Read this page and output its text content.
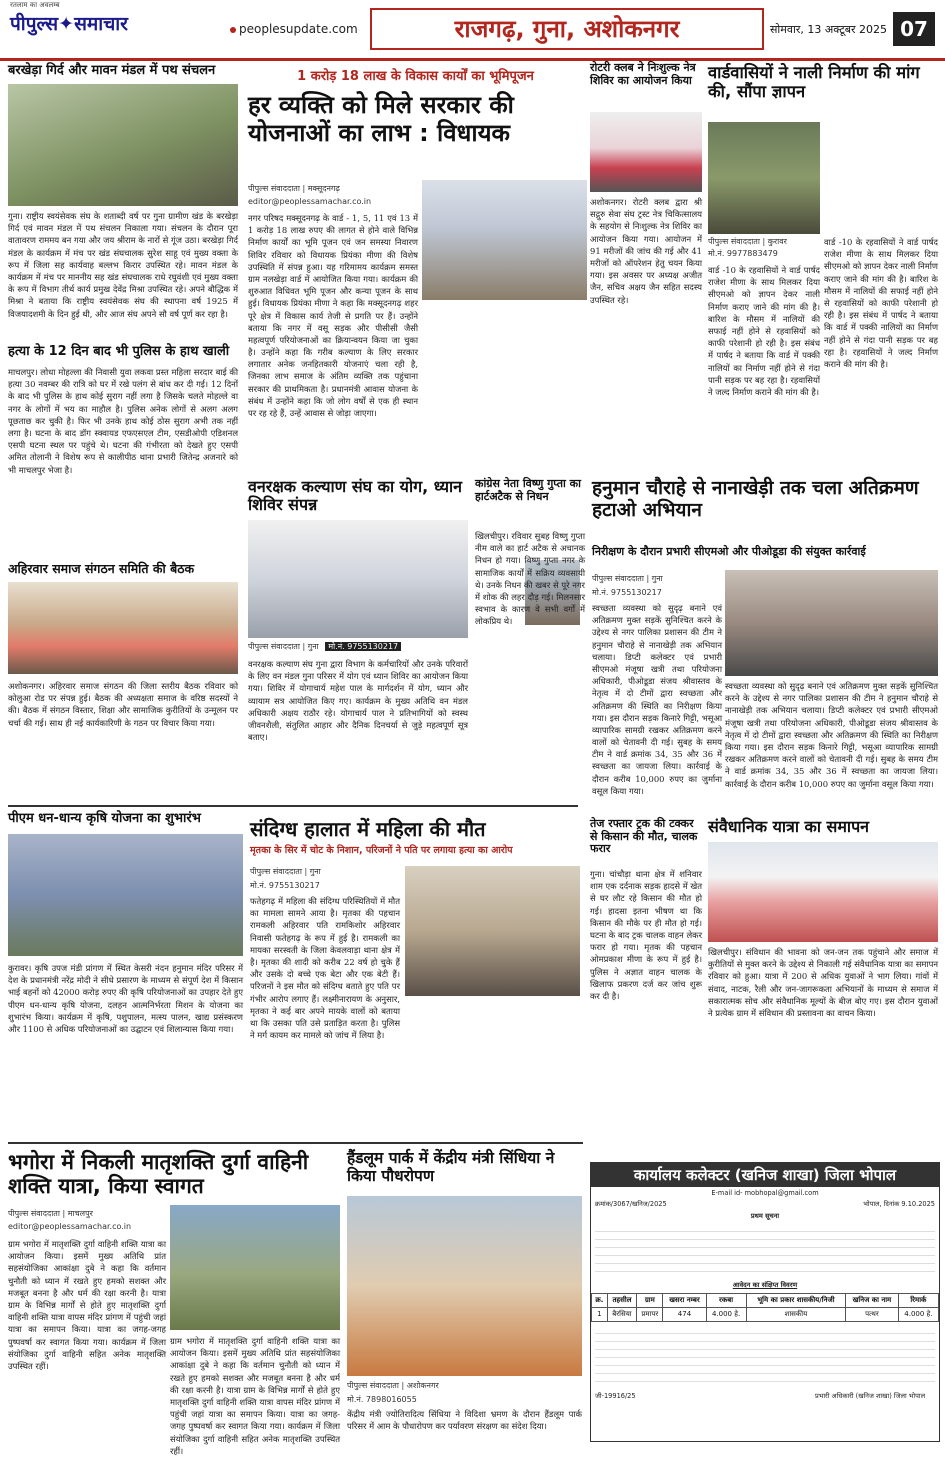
रतलाम का अवलम्ब
पीपुल्स✦समाचार	peoplesupdate.com	राजगढ़, गुना, अशोकनगर	सोमवार, 13 अक्टूबर 2025 07
बरखेड़ा गिर्द और मावन मंडल में पथ संचलन
गुना। राष्ट्रीय स्वयंसेवक संघ के शताब्दी वर्ष पर गुना ग्रामीण खंड के बरखेड़ा गिर्द एवं मावन मंडल में पथ संचलन निकाला गया। संचलन के दौरान पूरा वातावरण राममय बन गया और जय श्रीराम के नारों से गूंज उठा। बरखेड़ा गिर्द मंडल के कार्यक्रम में मंच पर खंड संघचालक सुरेश साहू एवं मुख्य वक्ता के रूप में जिला सह कार्यवाह बल्लभ किरार उपस्थित रहे। मावन मंडल के कार्यक्रम में मंच पर माननीय सह खंड संघचालक राधे रघुवंशी एवं मुख्य वक्ता के रूप में विभाग तीर्थ कार्य प्रमुख देवेंद्र मिश्रा उपस्थित रहे। अपने बौद्धिक में मिश्रा ने बताया कि राष्ट्रीय स्वयंसेवक संघ की स्थापना वर्ष 1925 में विजयादशमी के दिन हुई थी, और आज संघ अपने सौ वर्ष पूर्ण कर रहा है।
हत्या के 12 दिन बाद भी पुलिस के हाथ खाली
माचलपुर। लोधा मोहल्ला की निवासी युवा लकवा प्रस्त महिला सरदार बाई की हत्या 30 नवम्बर की रात्रि को घर में रखे पलंग से बांध कर दी गई। 12 दिनों के बाद भी पुलिस के हाथ कोई सुराग नहीं लगा है जिसके चलते मोहल्ले वा नगर के लोगों में भय का माहौल है। पुलिस अनेक लोगों से अलग अलग पूछताछ कर चुकी है। फिर भी उनके हाथ कोई ठोस सुराग अभी तक नहीं लगा है। घटना के बाद डॉग स्क्वायड एफएसएल टीम, एसडीओपी एडिशनल एसपी घटना स्थल पर पहुंचे थे। घटना की गंभीरता को देखते हुए एसपी अमित तोलानी ने विशेष रूप से कालीपीठ थाना प्रभारी जितेन्द्र अजनारे को भी माचलपुर भेजा है।
अहिरवार समाज संगठन समिति की बैठक
अशोकनगर। अहिरवार समाज संगठन की जिला स्तरीय बैठक रविवार को कोलुआ रोड पर संपन्न हुई। बैठक की अध्यक्षता समाज के वरिष्ठ सदस्यों ने की। बैठक में संगठन विस्तार, शिक्षा और सामाजिक कुरीतियों के उन्मूलन पर चर्चा की गई। साथ ही नई कार्यकारिणी के गठन पर विचार किया गया।
पीएम धन-धान्य कृषि योजना का शुभारंभ
कुरावर। कृषि उपज मंडी प्रांगण में स्थित केसरी नंदन हनुमान मंदिर परिसर में देश के प्रधानमंत्री नरेंद्र मोदी ने सीधे प्रसारण के माध्यम से संपूर्ण देश में किसान भाई बहनों को 42000 करोड़ रुपए की कृषि परियोजनाओं का उपहार देते हुए पीएम धन-धान्य कृषि योजना, दलहन आत्मनिर्भरता मिशन के योजना का शुभारंभ किया। कार्यक्रम में कृषि, पशुपालन, मत्स्य पालन, खाद्य प्रसंस्करण और 1100 से अधिक परियोजनाओं का उद्घाटन एवं शिलान्यास किया गया।
1 करोड़ 18 लाख के विकास कार्यों का भूमिपूजन
हर व्यक्ति को मिले सरकार की योजनाओं का लाभ : विधायक
पीपुल्स संवाददाता | मक्सूदनगढ़
editor@peoplessamachar.co.in
नगर परिषद मक्सूदनगढ़ के वार्ड - 1, 5, 11 एवं 13 में 1 करोड़ 18 लाख रुपए की लागत से होने वाले विभिन्न निर्माण कार्यों का भूमि पूजन एवं जन समस्या निवारण शिविर रविवार को विधायक प्रियंका मीणा की विशेष उपस्थिति में संपन्न हुआ। यह गरिमामय कार्यक्रम समस्त ग्राम नलखेड़ा वार्ड में आयोजित किया गया। कार्यक्रम की शुरुआत विधिवत भूमि पूजन और कन्या पूजन के साथ हुई। विधायक प्रियंका मीणा ने कहा कि मक्सूदनगढ़ शहर पूरे क्षेत्र में विकास कार्य तेजी से प्रगति पर हैं। उन्होंने बताया कि नगर में वसू सड़क और पीसीसी जैसी महत्वपूर्ण परियोजनाओं का क्रियान्वयन किया जा चुका है। उन्होंने कहा कि गरीब कल्याण के लिए सरकार लगातार अनेक जनहितकारी योजनाएं चला रही है, जिनका लाभ समाज के अंतिम व्यक्ति तक पहुंचाना सरकार की प्राथमिकता है। प्रधानमंत्री आवास योजना के संबंध में उन्होंने कहा कि जो लोग वर्षों से एक ही स्थान पर रह रहे हैं, उन्हें आवास से जोड़ा जाएगा।
वनरक्षक कल्याण संघ का योग, ध्यान शिविर संपन्न
पीपुल्स संवाददाता | गुना मो.नं. 9755130217
वनरक्षक कल्याण संघ गुना द्वारा विभाग के कर्मचारियों और उनके परिवारों के लिए वन मंडल गुना परिसर में योग एवं ध्यान शिविर का आयोजन किया गया। शिविर में योगाचार्य महेश पाल के मार्गदर्शन में योग, ध्यान और व्यायाम सत्र आयोजित किए गए। कार्यक्रम के मुख्य अतिथि वन मंडल अधिकारी अक्षय राठौर रहे। योगाचार्य पाल ने प्रतिभागियों को स्वस्थ जीवनशैली, संतुलित आहार और दैनिक दिनचर्या से जुड़े महत्वपूर्ण सूत्र बताए।
कांग्रेस नेता विष्णु गुप्ता का हार्टअटैक से निधन
खिलचीपुर। रविवार सुबह विष्णु गुप्ता नीम वाले का हार्ट अटैक से अचानक निधन हो गया। विष्णु गुप्ता नगर के सामाजिक कार्यों में सक्रिय व्यवसायी थे। उनके निधन की खबर से पूरे नगर में शोक की लहर दौड़ गई। मिलनसार स्वभाव के कारण वे सभी वर्गों में लोकप्रिय थे।
संदिग्ध हालात में महिला की मौत
मृतका के सिर में चोट के निशान, परिजनों ने पति पर लगाया हत्या का आरोप
पीपुल्स संवाददाता | गुना
मो.नं. 9755130217
फतेहगढ़ में महिला की संदिग्ध परिस्थितियों में मौत का मामला सामने आया है। मृतका की पहचान रामकली अहिरवार पति रामकिशोर अहिरवार निवासी फतेहगढ़ के रूप में हुई है। रामकली का मायका सरस्वती के जिला केवलवाड़ा थाना क्षेत्र में है। मृतका की शादी को करीब 22 वर्ष हो चुके हैं और उसके दो बच्चे एक बेटा और एक बेटी हैं। परिजनों ने इस मौत को संदिग्ध बताते हुए पति पर गंभीर आरोप लगाए हैं। लक्ष्मीनारायण के अनुसार, मृतका ने कई बार अपने मायके वालों को बताया था कि उसका पति उसे प्रताड़ित करता है। पुलिस ने मर्ग कायम कर मामले को जांच में लिया है।
रोटरी क्लब ने निःशुल्क नेत्र शिविर का आयोजन किया
अशोकनगर। रोटरी क्लब द्वारा श्री सद्गुरु सेवा संघ ट्रस्ट नेत्र चिकित्सालय के सहयोग से निःशुल्क नेत्र शिविर का आयोजन किया गया। आयोजन में 91 मरीजों की जांच की गई और 41 मरीजों को ऑपरेशन हेतु चयन किया गया। इस अवसर पर अध्यक्ष अजीत जैन, सचिव अक्षय जैन सहित सदस्य उपस्थित रहे।
वार्डवासियों ने नाली निर्माण की मांग की, सौंपा ज्ञापन
पीपुल्स संवाददाता | कुरावर
मो.नं. 9977883479
वार्ड -10 के रहवासियों ने वार्ड पार्षद राजेश मीणा के साथ मिलकर दिया सीएमओ को ज्ञापन देकर नाली निर्माण कराए जाने की मांग की है। बारिश के मौसम में नालियों की सफाई नहीं होने से रहवासियों को काफी परेशानी हो रही है। इस संबंध में पार्षद ने बताया कि वार्ड में पक्की नालियों का निर्माण नहीं होने से गंदा पानी सड़क पर बह रहा है। रहवासियों ने जल्द निर्माण कराने की मांग की है।
वार्ड -10 के रहवासियों ने वार्ड पार्षद राजेश मीणा के साथ मिलकर दिया सीएमओ को ज्ञापन देकर नाली निर्माण कराए जाने की मांग की है। बारिश के मौसम में नालियों की सफाई नहीं होने से रहवासियों को काफी परेशानी हो रही है। इस संबंध में पार्षद ने बताया कि वार्ड में पक्की नालियों का निर्माण नहीं होने से गंदा पानी सड़क पर बह रहा है। रहवासियों ने जल्द निर्माण कराने की मांग की है।
हनुमान चौराहे से नानाखेड़ी तक चला अतिक्रमण हटाओ अभियान
निरीक्षण के दौरान प्रभारी सीएमओ और पीओडूडा की संयुक्त कार्रवाई
पीपुल्स संवाददाता | गुना
मो.नं. 9755130217
स्वच्छता व्यवस्था को सुदृढ़ बनाने एवं अतिक्रमण मुक्त सड़कें सुनिश्चित करने के उद्देश्य से नगर पालिका प्रशासन की टीम ने हनुमान चौराहे से नानाखेड़ी तक अभियान चलाया। डिप्टी कलेक्टर एवं प्रभारी सीएमओ मंजूषा खत्री तथा परियोजना अधिकारी, पीओडूडा संजय श्रीवास्तव के नेतृत्व में दो टीमों द्वारा स्वच्छता और अतिक्रमण की स्थिति का निरीक्षण किया गया। इस दौरान सड़क किनारे गिट्टी, भसूआ व्यापारिक सामग्री रखकर अतिक्रमण करने वालों को चेतावनी दी गई। सुबह के समय टीम ने वार्ड क्रमांक 34, 35 और 36 में स्वच्छता का जायजा लिया। कार्रवाई के दौरान करीब 10,000 रुपए का जुर्माना वसूल किया गया।
स्वच्छता व्यवस्था को सुदृढ़ बनाने एवं अतिक्रमण मुक्त सड़कें सुनिश्चित करने के उद्देश्य से नगर पालिका प्रशासन की टीम ने हनुमान चौराहे से नानाखेड़ी तक अभियान चलाया। डिप्टी कलेक्टर एवं प्रभारी सीएमओ मंजूषा खत्री तथा परियोजना अधिकारी, पीओडूडा संजय श्रीवास्तव के नेतृत्व में दो टीमों द्वारा स्वच्छता और अतिक्रमण की स्थिति का निरीक्षण किया गया। इस दौरान सड़क किनारे गिट्टी, भसूआ व्यापारिक सामग्री रखकर अतिक्रमण करने वालों को चेतावनी दी गई। सुबह के समय टीम ने वार्ड क्रमांक 34, 35 और 36 में स्वच्छता का जायजा लिया। कार्रवाई के दौरान करीब 10,000 रुपए का जुर्माना वसूल किया गया।
तेज रफ्तार ट्रक की टक्कर से किसान की मौत, चालक फरार
गुना। चांचौड़ा थाना क्षेत्र में शनिवार शाम एक दर्दनाक सड़क हादसे में खेत से घर लौट रहे किसान की मौत हो गई। हादसा इतना भीषण था कि किसान की मौके पर ही मौत हो गई। घटना के बाद ट्रक चालक वाहन लेकर फरार हो गया। मृतक की पहचान ओमप्रकाश मीणा के रूप में हुई है। पुलिस ने अज्ञात वाहन चालक के खिलाफ प्रकरण दर्ज कर जांच शुरू कर दी है।
संवैधानिक यात्रा का समापन
खिलचीपुर। संविधान की भावना को जन-जन तक पहुंचाने और समाज में कुरीतियों से मुक्त करने के उद्देश्य से निकाली गई संवैधानिक यात्रा का समापन रविवार को हुआ। यात्रा में 200 से अधिक युवाओं ने भाग लिया। गांवों में संवाद, नाटक, रैली और जन-जागरूकता अभियानों के माध्यम से समाज में सकारात्मक सोच और संवैधानिक मूल्यों के बीज बोए गए। इस दौरान युवाओं ने प्रत्येक ग्राम में संविधान की प्रस्तावना का वाचन किया।
भगोरा में निकली मातृशक्ति दुर्गा वाहिनी शक्ति यात्रा, किया स्वागत
पीपुल्स संवाददाता | माचलपुर
editor@peoplessamachar.co.in
ग्राम भगोरा में मातृशक्ति दुर्गा वाहिनी शक्ति यात्रा का आयोजन किया। इसमें मुख्य अतिथि प्रांत सहसंयोजिका आकांक्षा दुबे ने कहा कि वर्तमान चुनौती को ध्यान में रखते हुए हमको सशक्त और मजबूत बनना है और धर्म की रक्षा करनी है। यात्रा ग्राम के विभिन्न मार्गों से होते हुए मातृशक्ति दुर्गा वाहिनी शक्ति यात्रा वापस मंदिर प्रांगण में पहुंची जहां यात्रा का समापन किया। यात्रा का जगह-जगह पुष्पवर्षा कर स्वागत किया गया। कार्यक्रम में जिला संयोजिका दुर्गा वाहिनी सहित अनेक मातृशक्ति उपस्थित रहीं।
ग्राम भगोरा में मातृशक्ति दुर्गा वाहिनी शक्ति यात्रा का आयोजन किया। इसमें मुख्य अतिथि प्रांत सहसंयोजिका आकांक्षा दुबे ने कहा कि वर्तमान चुनौती को ध्यान में रखते हुए हमको सशक्त और मजबूत बनना है और धर्म की रक्षा करनी है। यात्रा ग्राम के विभिन्न मार्गों से होते हुए मातृशक्ति दुर्गा वाहिनी शक्ति यात्रा वापस मंदिर प्रांगण में पहुंची जहां यात्रा का समापन किया। यात्रा का जगह-जगह पुष्पवर्षा कर स्वागत किया गया। कार्यक्रम में जिला संयोजिका दुर्गा वाहिनी सहित अनेक मातृशक्ति उपस्थित रहीं।
हैंडलूम पार्क में केंद्रीय मंत्री सिंधिया ने किया पौधरोपण
पीपुल्स संवाददाता | अशोकनगर
मो.नं. 7898016055
केंद्रीय मंत्री ज्योतिरादित्य सिंधिया ने विदिशा भ्रमण के दौरान हैंडलूम पार्क परिसर में आम के पौधारोपण कर पर्यावरण संरक्षण का संदेश दिया।
कार्यालय कलेक्टर (खनिज शाखा) जिला भोपाल
E-mail id- mobhopal@gmail.com
क्रमांक/3067/खनिज/2025	भोपाल, दिनांक 9.10.2025
प्रथम सूचना
आवेदन का संक्षिप्त विवरण
क्र.	तहसील	ग्राम	खसरा नम्बर	रकबा	भूमि का प्रकार शासकीय/निजी	खनिज का नाम	रिमार्क
1	बैरसिया	प्रमापर	474	4.000 हे.	शासकीय	पत्थर	4.000 हे.
जी-19916/25	प्रभारी अधिकारी (खनिज शाखा) जिला भोपाल
